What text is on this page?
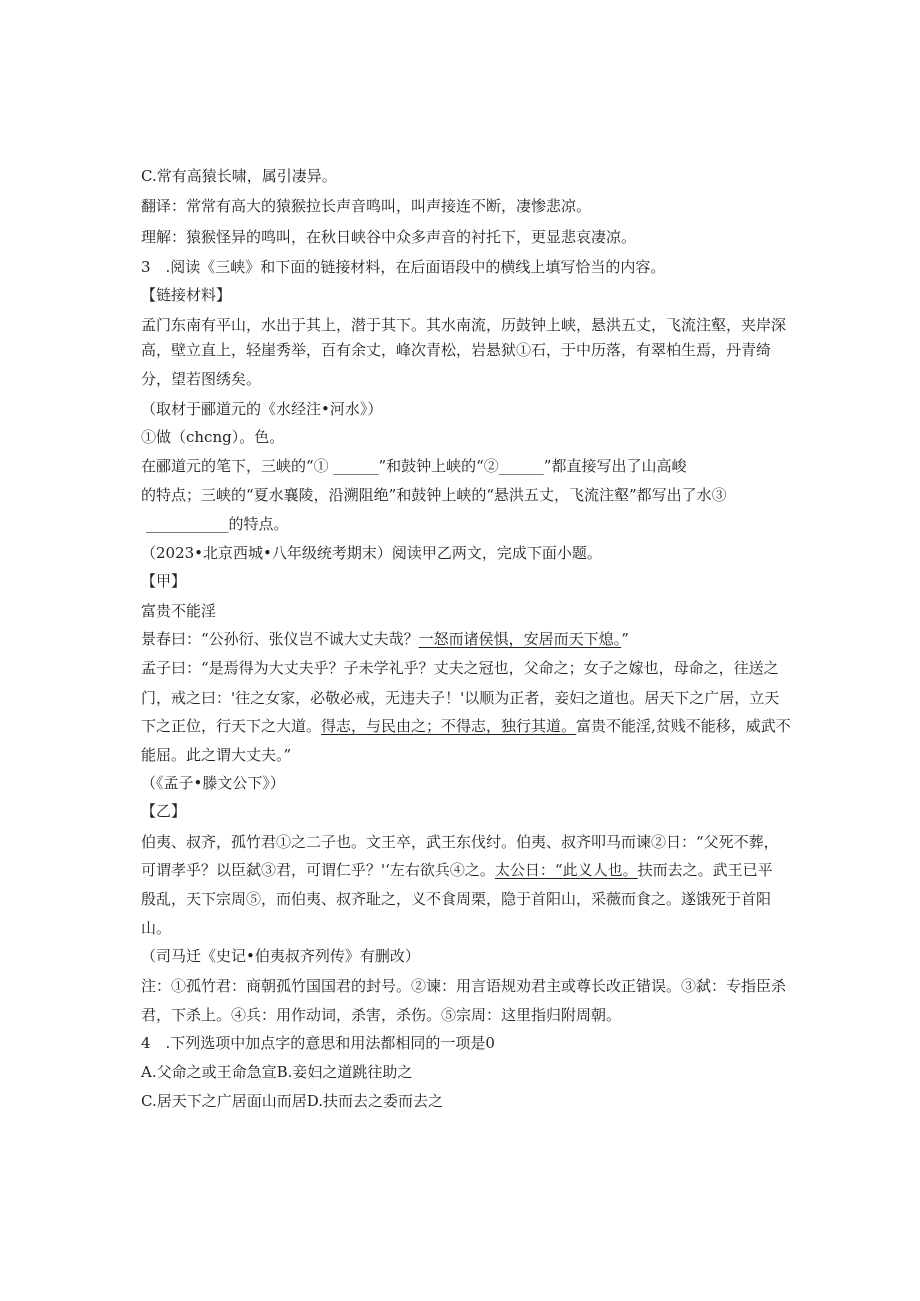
C.常有高猿长啸，属引凄异。
翻译：常常有高大的猿猴拉长声音鸣叫，叫声接连不断，凄惨悲凉。
理解：猿猴怪异的鸣叫，在秋日峡谷中众多声音的衬托下，更显悲哀凄凉。
3　.阅读《三峡》和下面的链接材料，在后面语段中的横线上填写恰当的内容。
【链接材料】
孟门东南有平山，水出于其上，潜于其下。其水南流，历鼓钟上峡，悬洪五丈，飞流注壑，夹岸深
高，壁立直上，轻崖秀举，百有余丈，峰次青松，岩悬狱①石，于中历落，有翠柏生焉，丹青绮
分，望若图绣矣。
（取材于郦道元的《水经注•河水》）
①做（chcng）。色。
在郦道元的笔下，三峡的“① ______”和鼓钟上峡的“②______”都直接写出了山高峻
的特点；三峡的“夏水襄陵，沿溯阻绝”和鼓钟上峡的“悬洪五丈，飞流注壑”都写出了水③
___________的特点。
（2023•北京西城•八年级统考期末）阅读甲乙两文，完成下面小题。
【甲】
富贵不能淫
景春曰：“公孙衍、张仪岂不诚大丈夫哉？一怒而诸侯惧，安居而天下熄。”
孟子曰：“是焉得为大丈夫乎？子未学礼乎？丈夫之冠也，父命之；女子之嫁也，母命之，往送之
门，戒之曰：'往之女家，必敬必戒，无违夫子！'以顺为正者，妾妇之道也。居天下之广居，立天
下之正位，行天下之大道。得志，与民由之；不得志，独行其道。富贵不能淫,贫贱不能移，威武不
能屈。此之谓大丈夫。”
（《孟子•滕文公下》）
【乙】
伯夷、叔齐，孤竹君①之二子也。文王卒，武王东伐纣。伯夷、叔齐叩马而谏②日：“父死不葬，
可谓孝乎？以臣弑③君，可谓仁乎？'‘左右欲兵④之。太公日：“此义人也。扶而去之。武王已平
殷乱，天下宗周⑤，而伯夷、叔齐耻之，义不食周栗，隐于首阳山，采薇而食之。遂饿死于首阳
山。
（司马迁《史记•伯夷叔齐列传》有删改）
注：①孤竹君：商朝孤竹国国君的封号。②谏：用言语规劝君主或尊长改正错误。③弑：专指臣杀
君，下杀上。④兵：用作动词，杀害，杀伤。⑤宗周：这里指归附周朝。
4　.下列选项中加点字的意思和用法都相同的一项是0
A.父命之或王命急宣B.妾妇之道跳往助之
C.居天下之广居面山而居D.扶而去之委而去之
